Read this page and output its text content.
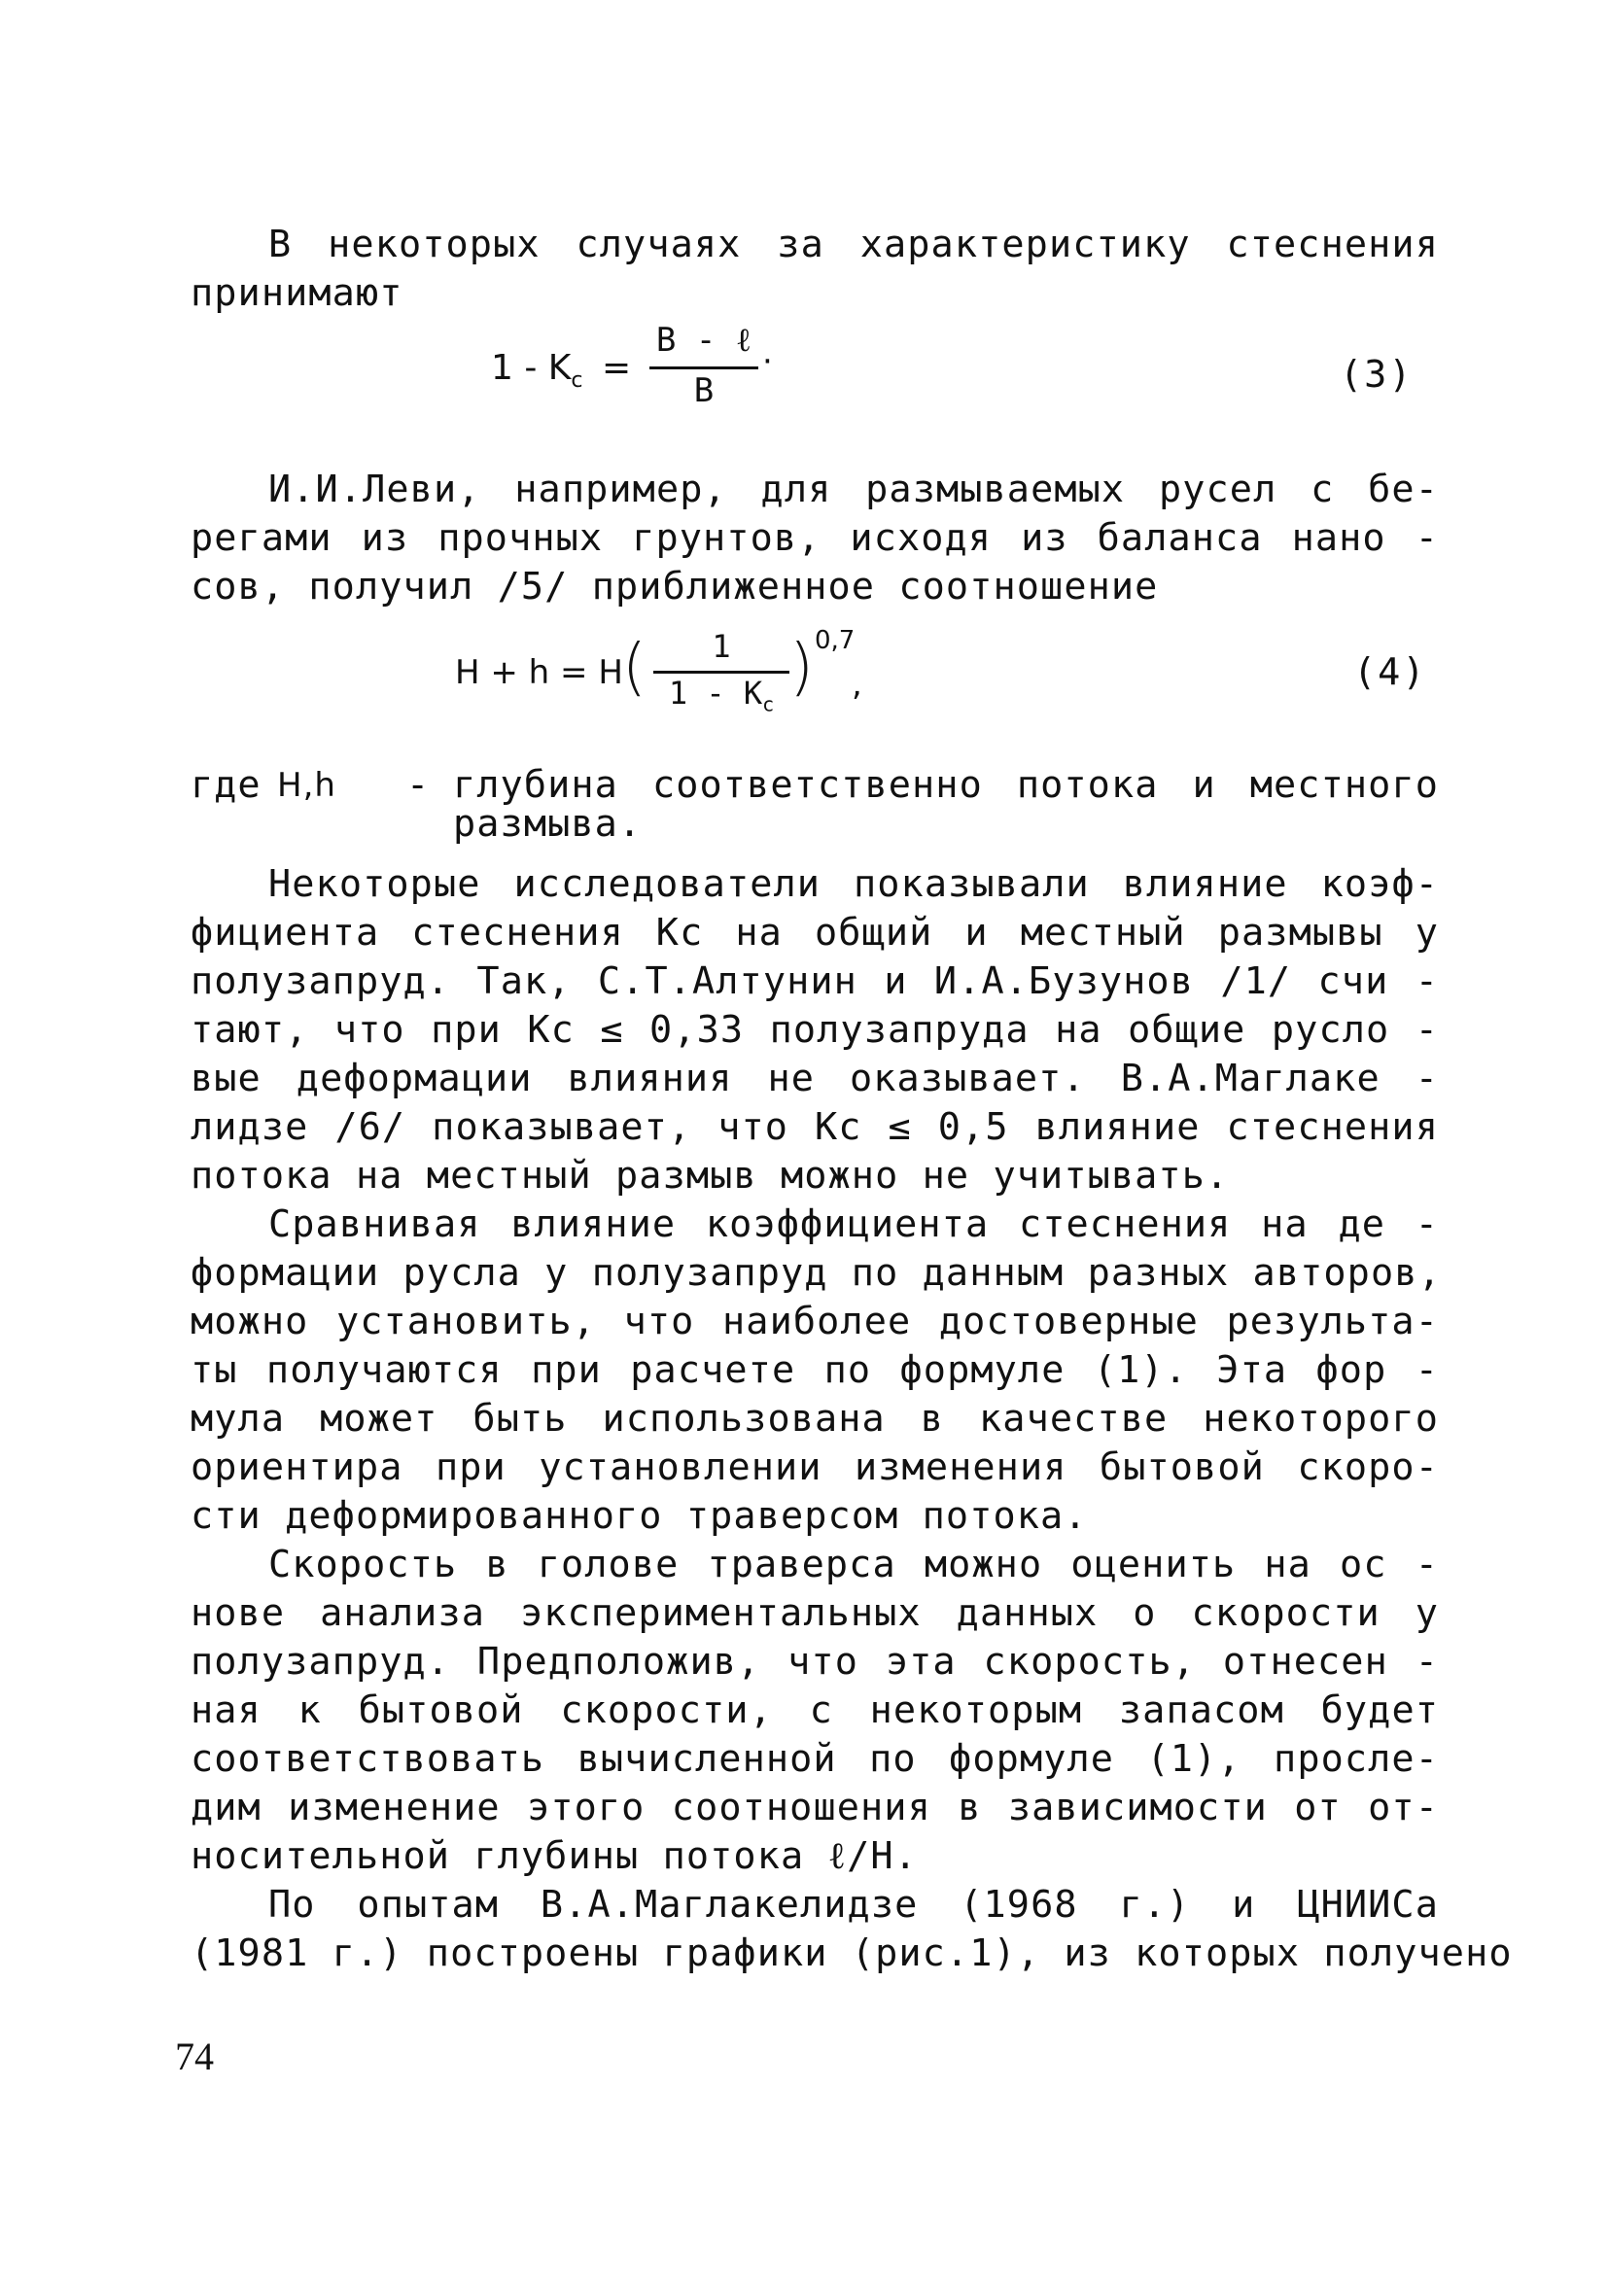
В некоторых случаях за характеристику стеснения
принимают
$1 - K_c$ =
B - ℓ
B
·	(3)
И.И.Леви, например, для размываемых русел с бе-
регами из прочных грунтов, исходя из баланса нано -
сов, получил /5/ приближенное соотношение
H + h = H (	1
$1 - K_c$
) 0,7
,	(4)
где H,h - глубина соответственно потока и местного
размыва.
Некоторые исследователи показывали влияние коэф-
фициента стеснения Kc на общий и местный размывы у
полузапруд. Так, С.Т.Алтунин и И.А.Бузунов /1/ счи -
тают, что при Kc ≤ 0,33 полузапруда на общие русло -
вые деформации влияния не оказывает. В.А.Маглаке -
лидзе /6/ показывает, что Kc ≤ 0,5 влияние стеснения
потока на местный размыв можно не учитывать.
Сравнивая влияние коэффициента стеснения на де -
формации русла у полузапруд по данным разных авторов,
можно установить, что наиболее достоверные результа-
ты получаются при расчете по формуле (1). Эта фор -
мула может быть использована в качестве некоторого
ориентира при установлении изменения бытовой скоро-
сти деформированного траверсом потока.
Скорость в голове траверса можно оценить на ос -
нове анализа экспериментальных данных о скорости у
полузапруд. Предположив, что эта скорость, отнесен -
ная к бытовой скорости, с некоторым запасом будет
соответствовать вычисленной по формуле (1), просле-
дим изменение этого соотношения в зависимости от от-
носительной глубины потока ℓ/H.
По опытам В.А.Маглакелидзе (1968 г.) и ЦНИИСа
(1981 г.) построены графики (рис.1), из которых получено
74
